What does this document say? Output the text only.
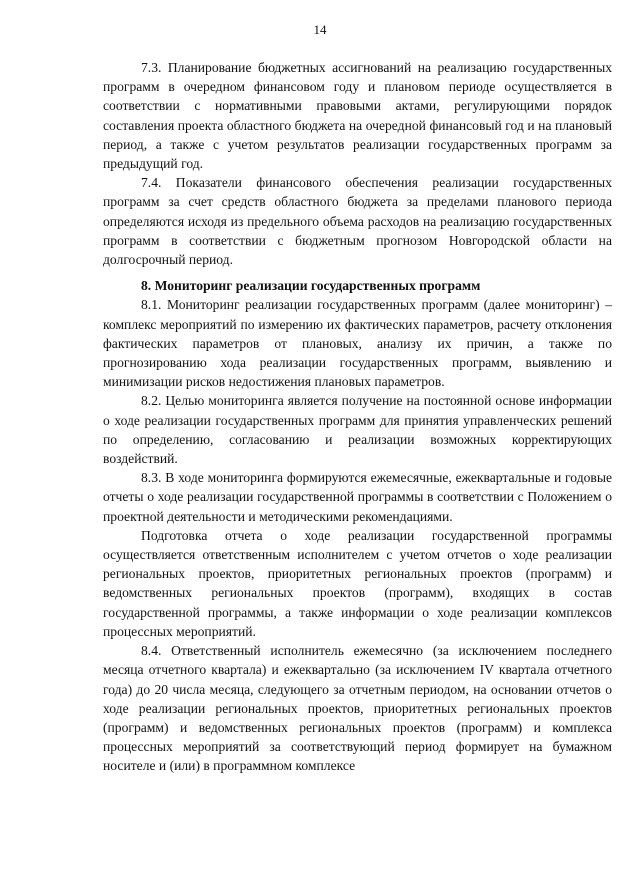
14

7.3. Планирование бюджетных ассигнований на реализацию государственных программ в очередном финансовом году и плановом периоде осуществляется в соответствии с нормативными правовыми актами, регулирующими порядок составления проекта областного бюджета на очередной финансовый год и на плановый период, а также с учетом результатов реализации государственных программ за предыдущий год.

7.4. Показатели финансового обеспечения реализации государственных программ за счет средств областного бюджета за пределами планового периода определяются исходя из предельного объема расходов на реализацию государственных программ в соответствии с бюджетным прогнозом Новгородской области на долгосрочный период.

8. Мониторинг реализации государственных программ

8.1. Мониторинг реализации государственных программ (далее мониторинг) – комплекс мероприятий по измерению их фактических параметров, расчету отклонения фактических параметров от плановых, анализу их причин, а также по прогнозированию хода реализации государственных программ, выявлению и минимизации рисков недостижения плановых параметров.

8.2. Целью мониторинга является получение на постоянной основе информации о ходе реализации государственных программ для принятия управленческих решений по определению, согласованию и реализации возможных корректирующих воздействий.

8.3. В ходе мониторинга формируются ежемесячные, ежеквартальные и годовые отчеты о ходе реализации государственной программы в соответствии с Положением о проектной деятельности и методическими рекомендациями.

Подготовка отчета о ходе реализации государственной программы осуществляется ответственным исполнителем с учетом отчетов о ходе реализации региональных проектов, приоритетных региональных проектов (программ) и ведомственных региональных проектов (программ), входящих в состав государственной программы, а также информации о ходе реализации комплексов процессных мероприятий.

8.4. Ответственный исполнитель ежемесячно (за исключением последнего месяца отчетного квартала) и ежеквартально (за исключением IV квартала отчетного года) до 20 числа месяца, следующего за отчетным периодом, на основании отчетов о ходе реализации региональных проектов, приоритетных региональных проектов (программ) и ведомственных региональных проектов (программ) и комплекса процессных мероприятий за соответствующий период формирует на бумажном носителе и (или) в программном комплексе
